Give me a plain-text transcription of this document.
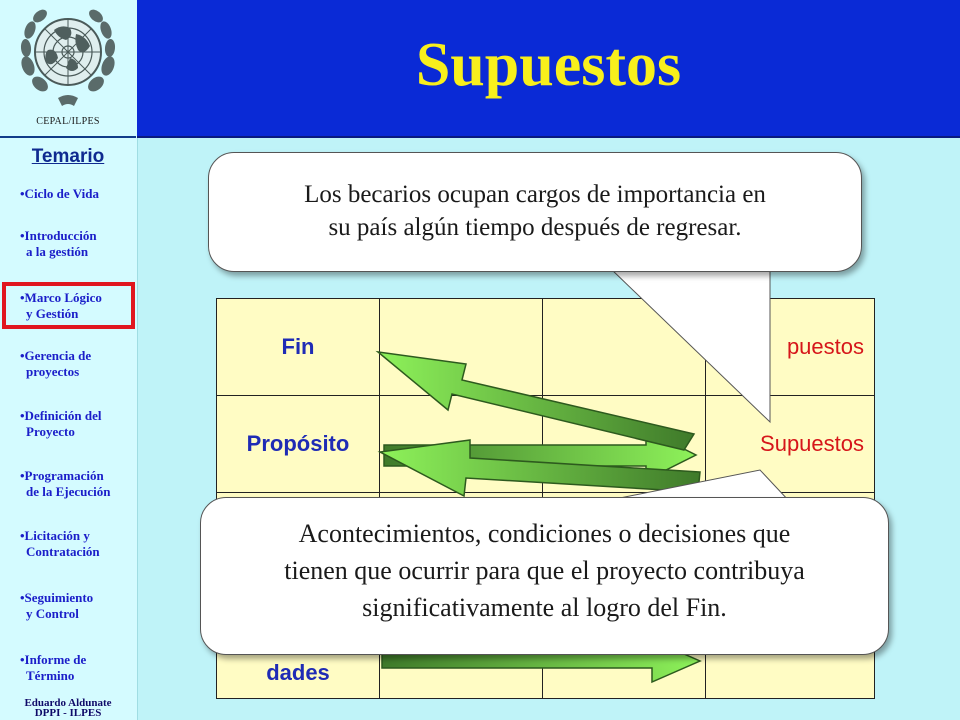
CEPAL/ILPES
Temario
•Ciclo de Vida
•Introducción
a la gestión
•Marco Lógico
y Gestión
•Gerencia de
proyectos
•Definición del
Proyecto
•Programación
de la Ejecución
•Licitación y
Contratación
•Seguimiento
y Control
•Informe de
Término
Eduardo Aldunate
DPPI - ILPES
Supuestos
Fin			puestos
Propósito			Supuestos

dades			
Los becarios ocupan cargos de importancia en
su país algún tiempo después de regresar.
Acontecimientos, condiciones o decisiones que
tienen que ocurrir para que el proyecto contribuya
significativamente al logro del Fin.
